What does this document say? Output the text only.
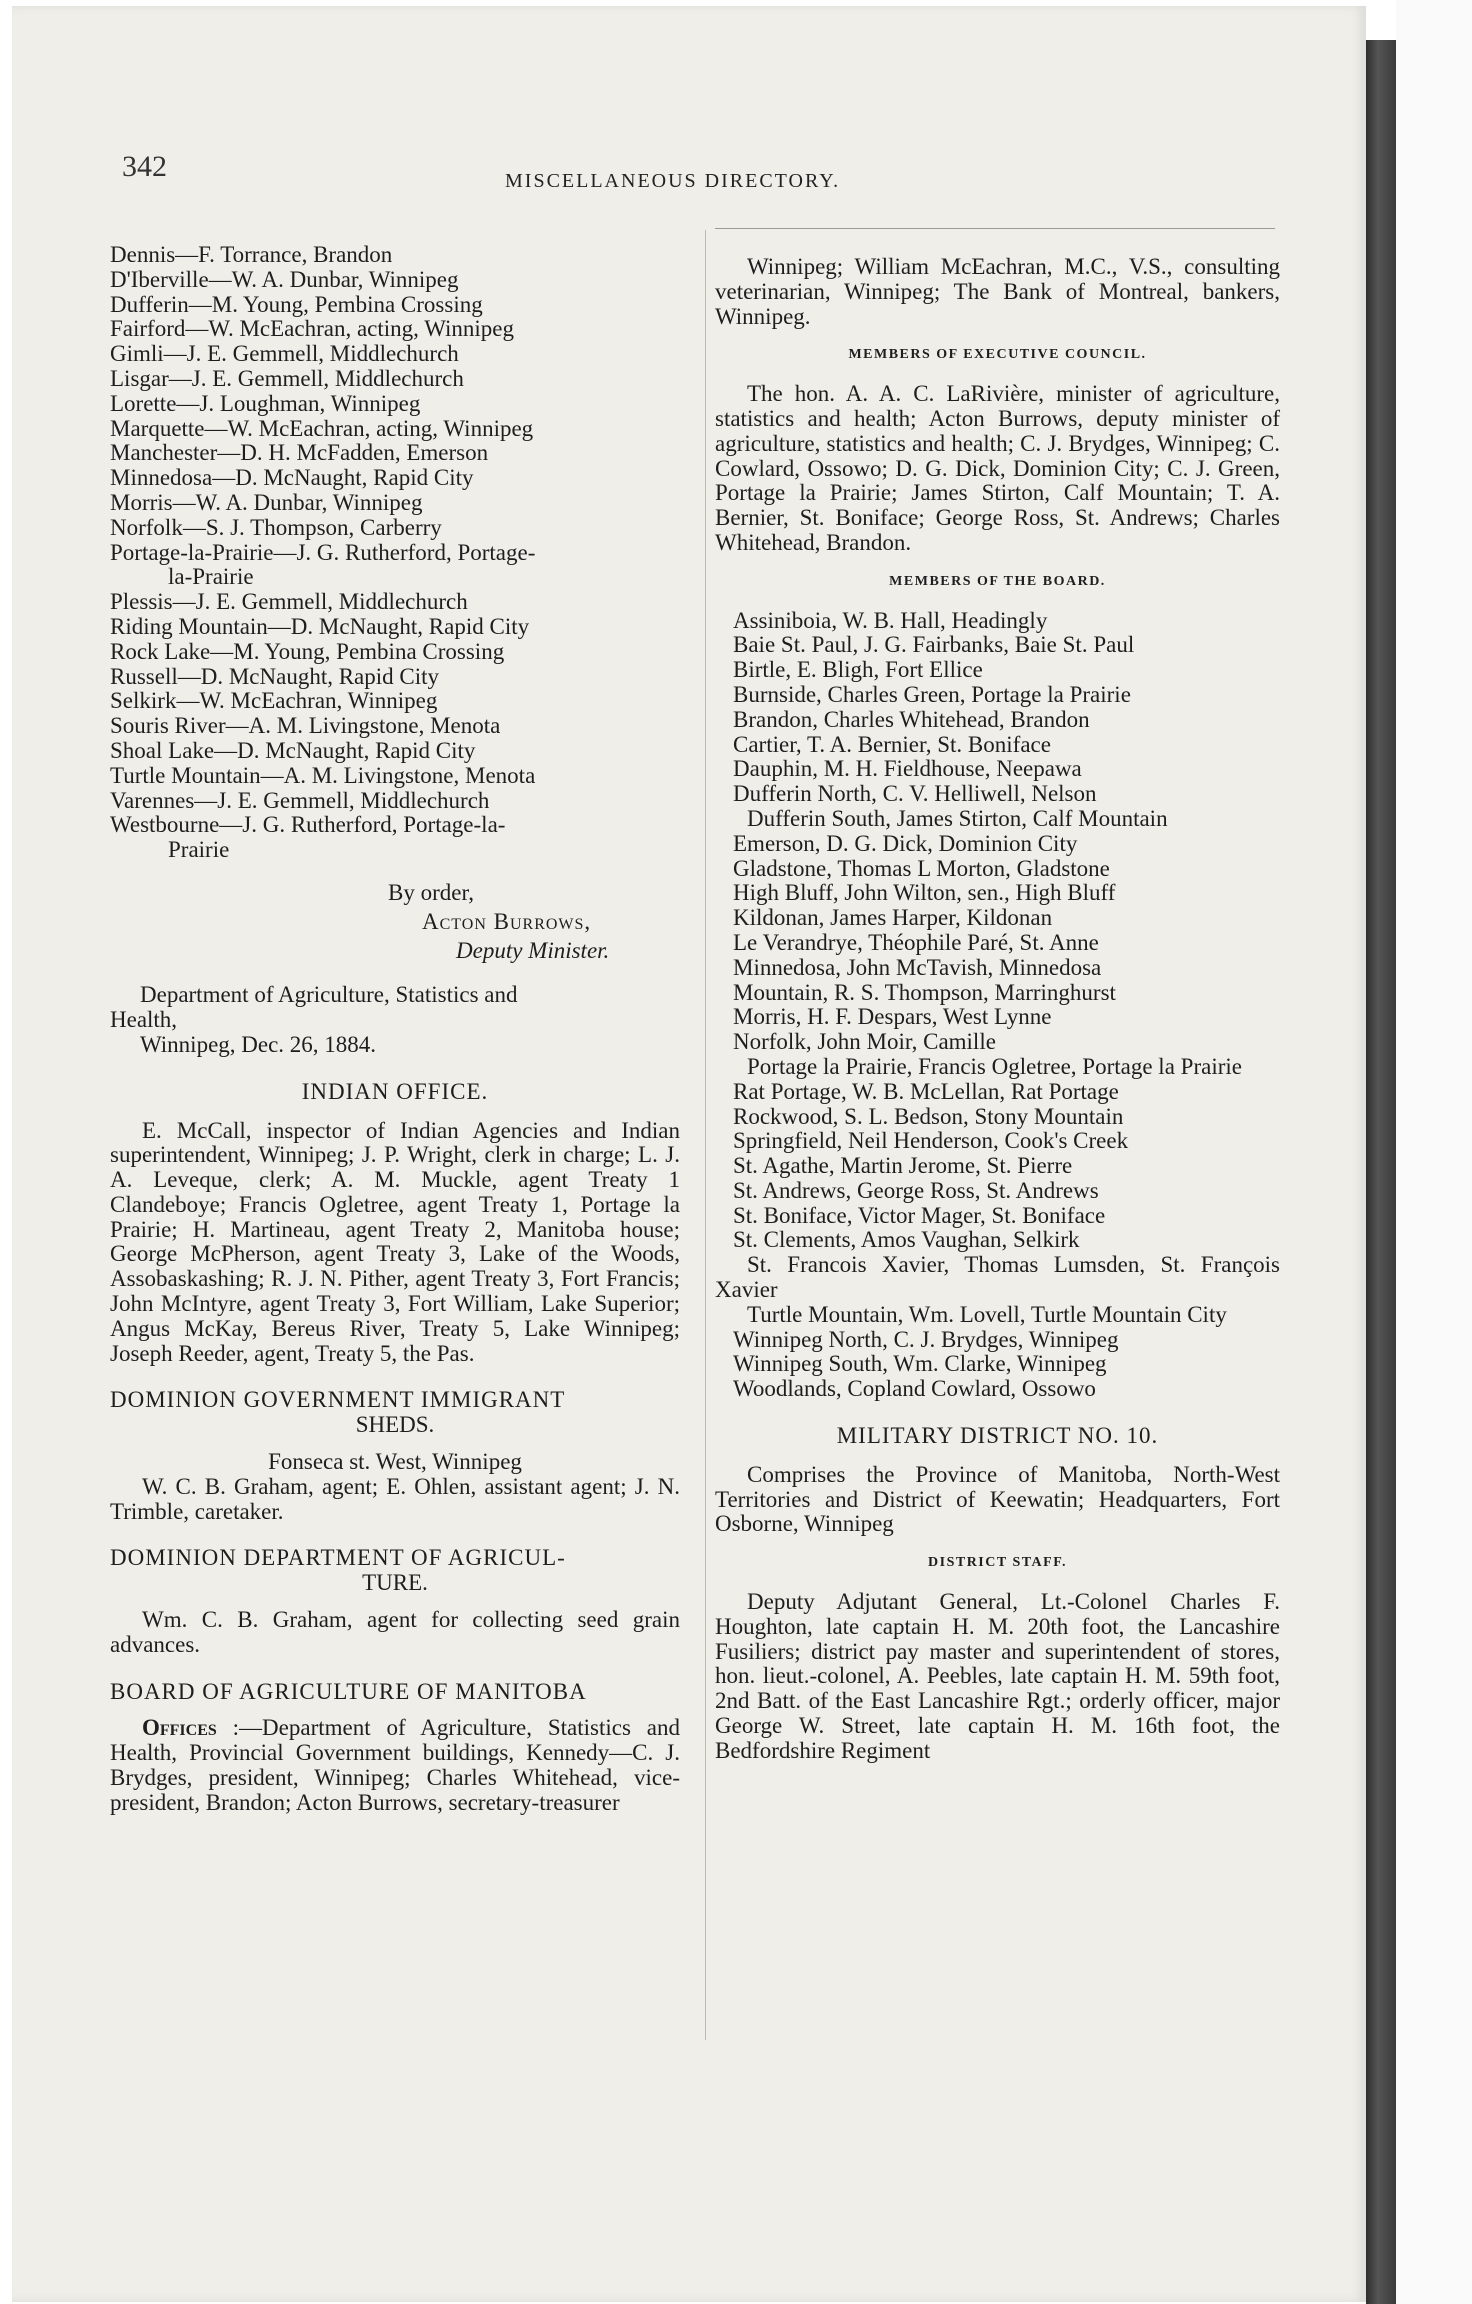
342	MISCELLANEOUS DIRECTORY.

Dennis—F. Torrance, Brandon

D'Iberville—W. A. Dunbar, Winnipeg

Dufferin—M. Young, Pembina Crossing

Fairford—W. McEachran, acting, Winnipeg

Gimli—J. E. Gemmell, Middlechurch

Lisgar—J. E. Gemmell, Middlechurch

Lorette—J. Loughman, Winnipeg

Marquette—W. McEachran, acting, Winnipeg

Manchester—D. H. McFadden, Emerson

Minnedosa—D. McNaught, Rapid City

Morris—W. A. Dunbar, Winnipeg

Norfolk—S. J. Thompson, Carberry

Portage-la-Prairie—J. G. Rutherford, Portage-

la-Prairie

Plessis—J. E. Gemmell, Middlechurch

Riding Mountain—D. McNaught, Rapid City

Rock Lake—M. Young, Pembina Crossing

Russell—D. McNaught, Rapid City

Selkirk—W. McEachran, Winnipeg

Souris River—A. M. Livingstone, Menota

Shoal Lake—D. McNaught, Rapid City

Turtle Mountain—A. M. Livingstone, Menota

Varennes—J. E. Gemmell, Middlechurch

Westbourne—J. G. Rutherford, Portage-la-

Prairie

By order,

Acton Burrows,

Deputy Minister.

Department of Agriculture, Statistics and

Health,

Winnipeg, Dec. 26, 1884.

INDIAN OFFICE.

E. McCall, inspector of Indian Agencies and Indian superintendent, Winnipeg; J. P. Wright, clerk in charge; L. J. A. Leveque, clerk; A. M. Muckle, agent Treaty 1 Clandeboye; Francis Ogletree, agent Treaty 1, Portage la Prairie; H. Martineau, agent Treaty 2, Manitoba house; George McPherson, agent Treaty 3, Lake of the Woods, Assobaskashing; R. J. N. Pither, agent Treaty 3, Fort Francis; John McIntyre, agent Treaty 3, Fort William, Lake Superior; Angus McKay, Bereus River, Treaty 5, Lake Winnipeg; Joseph Reeder, agent, Treaty 5, the Pas.

DOMINION GOVERNMENT IMMIGRANT

SHEDS.

Fonseca st. West, Winnipeg

W. C. B. Graham, agent; E. Ohlen, assistant agent; J. N. Trimble, caretaker.

DOMINION DEPARTMENT OF AGRICUL-

TURE.

Wm. C. B. Graham, agent for collecting seed grain advances.

BOARD OF AGRICULTURE OF MANITOBA

Offices :—Department of Agriculture, Statistics and Health, Provincial Government buildings, Kennedy—C. J. Brydges, president, Winnipeg; Charles Whitehead, vice-president, Brandon; Acton Burrows, secretary-treasurer

Winnipeg; William McEachran, M.C., V.S., consulting veterinarian, Winnipeg; The Bank of Montreal, bankers, Winnipeg.

MEMBERS OF EXECUTIVE COUNCIL.

The hon. A. A. C. LaRivière, minister of agriculture, statistics and health; Acton Burrows, deputy minister of agriculture, statistics and health; C. J. Brydges, Winnipeg; C. Cowlard, Ossowo; D. G. Dick, Dominion City; C. J. Green, Portage la Prairie; James Stirton, Calf Mountain; T. A. Bernier, St. Boniface; George Ross, St. Andrews; Charles Whitehead, Brandon.

MEMBERS OF THE BOARD.

Assiniboia, W. B. Hall, Headingly

Baie St. Paul, J. G. Fairbanks, Baie St. Paul

Birtle, E. Bligh, Fort Ellice

Burnside, Charles Green, Portage la Prairie

Brandon, Charles Whitehead, Brandon

Cartier, T. A. Bernier, St. Boniface

Dauphin, M. H. Fieldhouse, Neepawa

Dufferin North, C. V. Helliwell, Nelson

Dufferin South, James Stirton, Calf Mountain

Emerson, D. G. Dick, Dominion City

Gladstone, Thomas L Morton, Gladstone

High Bluff, John Wilton, sen., High Bluff

Kildonan, James Harper, Kildonan

Le Verandrye, Théophile Paré, St. Anne

Minnedosa, John McTavish, Minnedosa

Mountain, R. S. Thompson, Marringhurst

Morris, H. F. Despars, West Lynne

Norfolk, John Moir, Camille

Portage la Prairie, Francis Ogletree, Portage la Prairie

Rat Portage, W. B. McLellan, Rat Portage

Rockwood, S. L. Bedson, Stony Mountain

Springfield, Neil Henderson, Cook's Creek

St. Agathe, Martin Jerome, St. Pierre

St. Andrews, George Ross, St. Andrews

St. Boniface, Victor Mager, St. Boniface

St. Clements, Amos Vaughan, Selkirk

St. Francois Xavier, Thomas Lumsden, St. François Xavier

Turtle Mountain, Wm. Lovell, Turtle Mountain City

Winnipeg North, C. J. Brydges, Winnipeg

Winnipeg South, Wm. Clarke, Winnipeg

Woodlands, Copland Cowlard, Ossowo

MILITARY DISTRICT NO. 10.

Comprises the Province of Manitoba, North-West Territories and District of Keewatin; Headquarters, Fort Osborne, Winnipeg

DISTRICT STAFF.

Deputy Adjutant General, Lt.-Colonel Charles F. Houghton, late captain H. M. 20th foot, the Lancashire Fusiliers; district pay master and superintendent of stores, hon. lieut.-colonel, A. Peebles, late captain H. M. 59th foot, 2nd Batt. of the East Lancashire Rgt.; orderly officer, major George W. Street, late captain H. M. 16th foot, the Bedfordshire Regiment
